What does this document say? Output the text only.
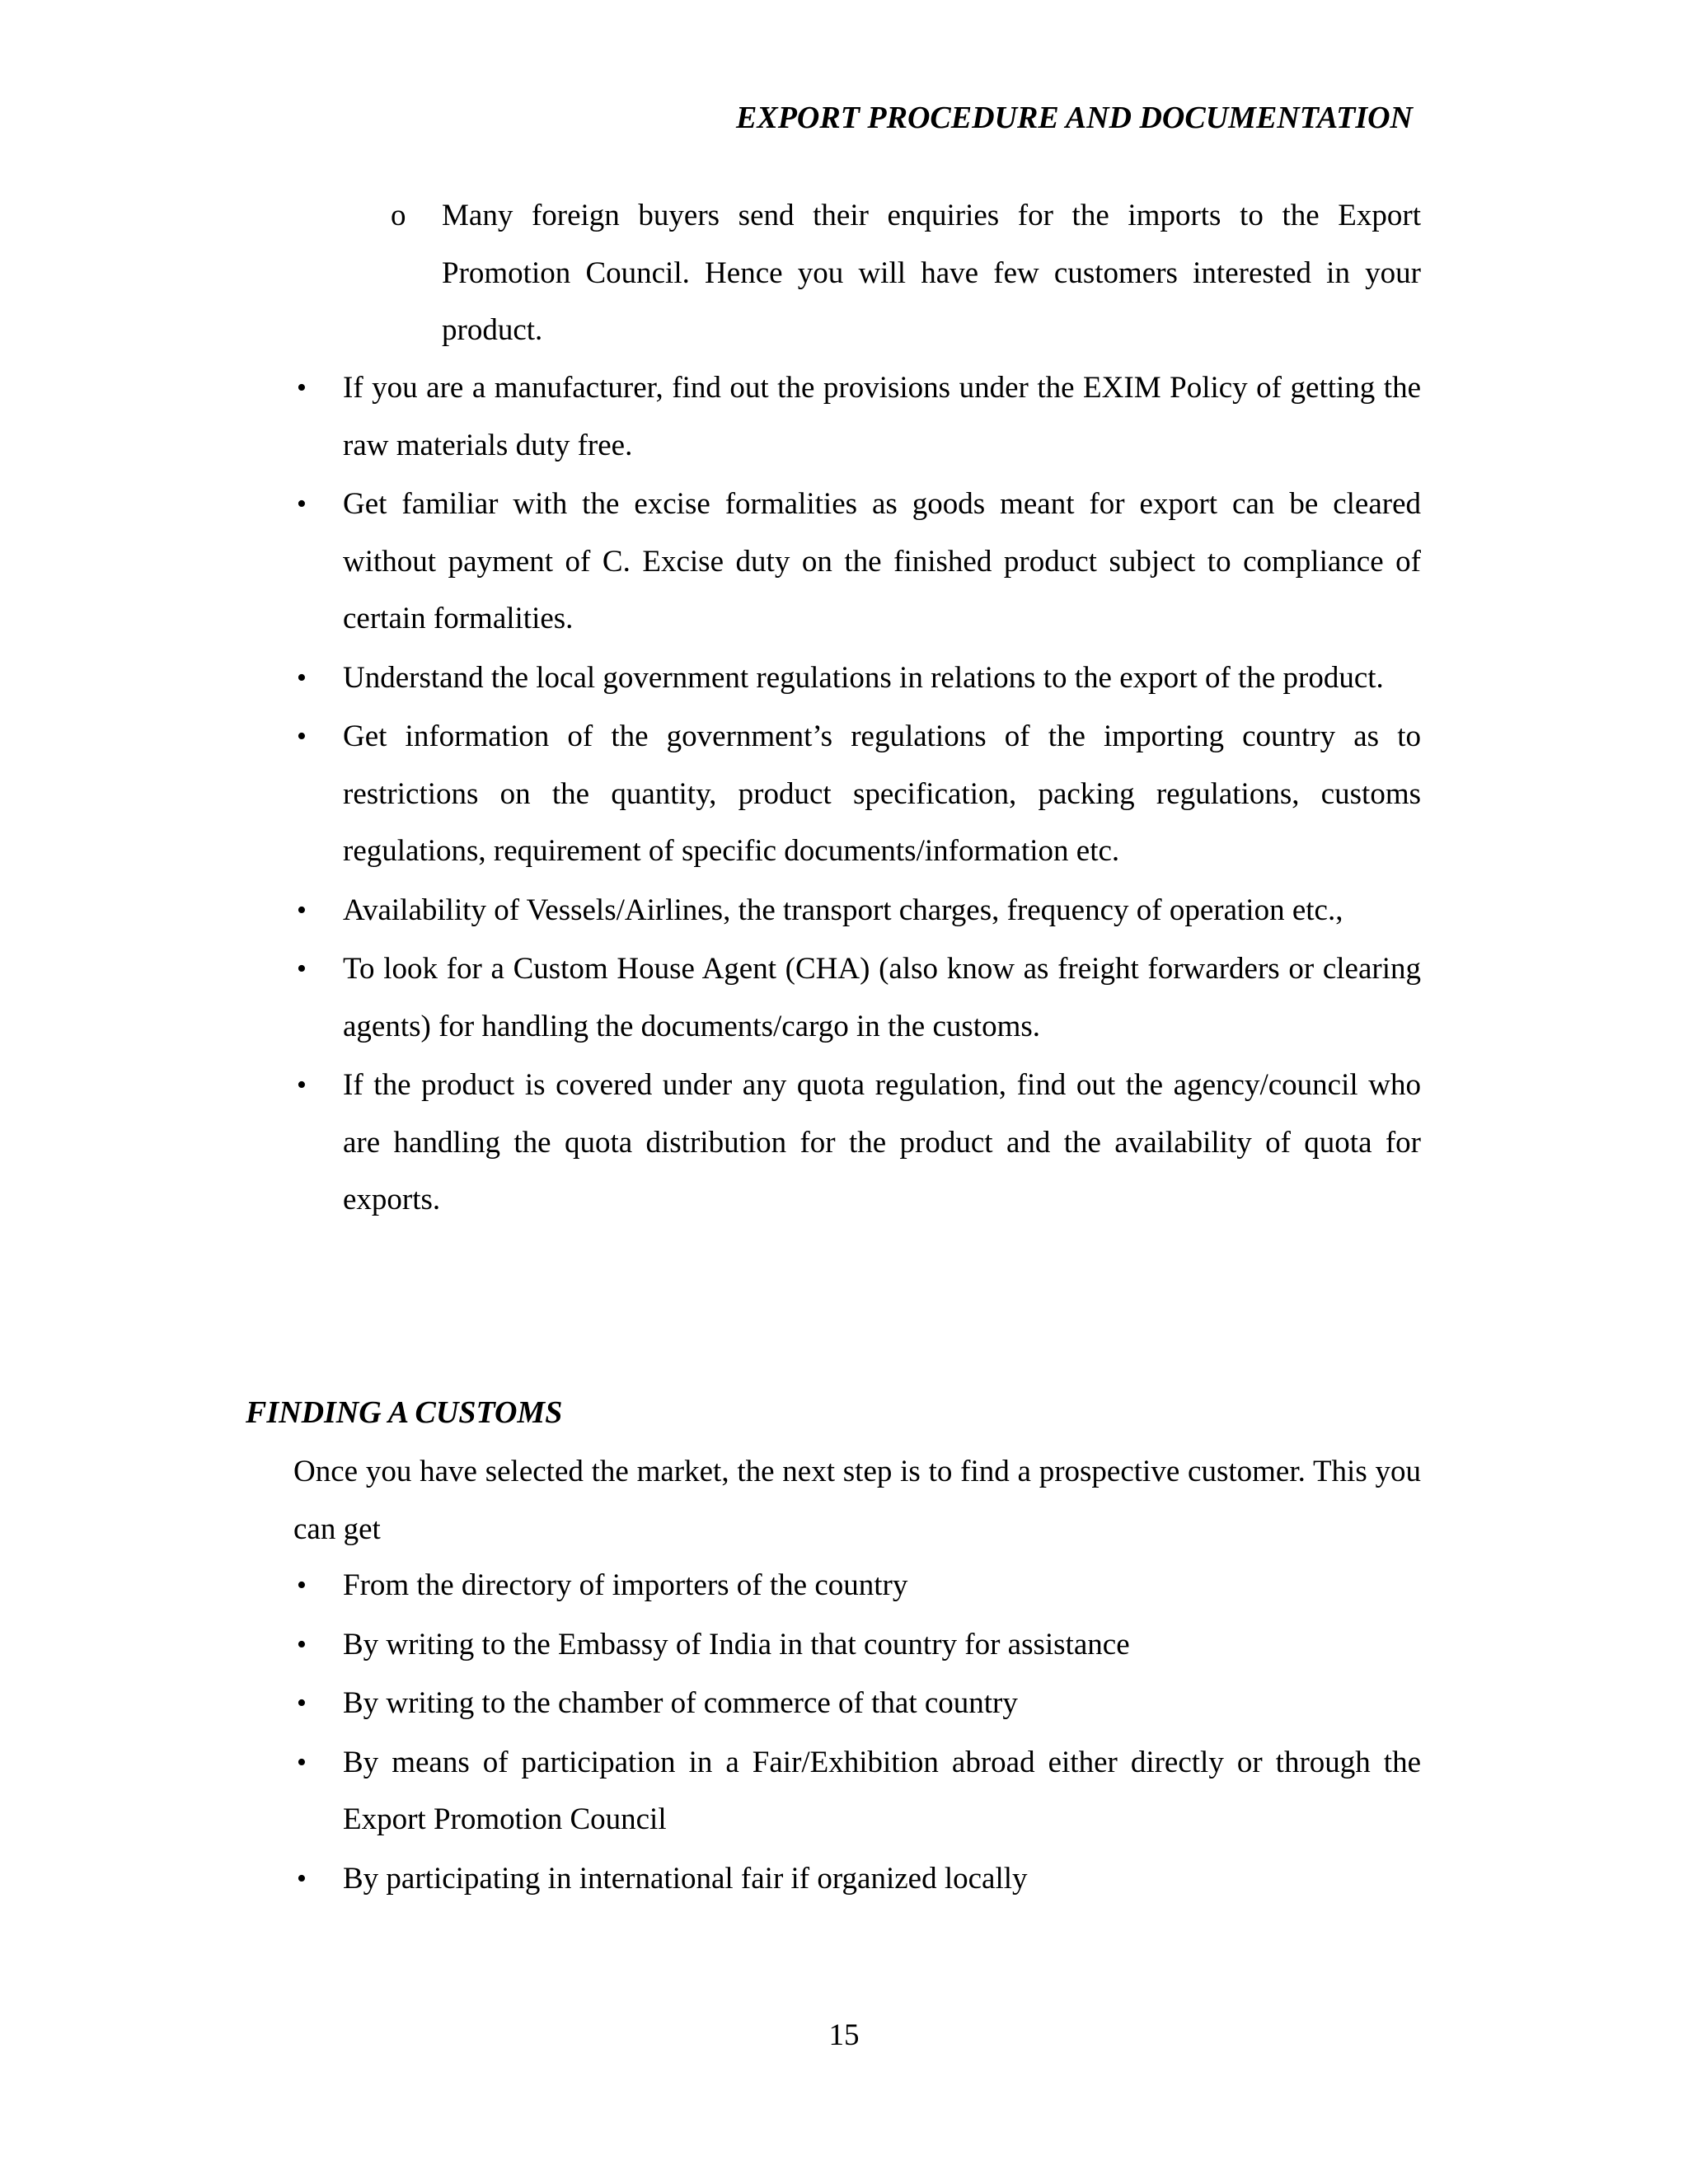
EXPORT PROCEDURE AND DOCUMENTATION
o	Many foreign buyers send their enquiries for the imports to the Export Promotion Council. Hence you will have few customers interested in your product.
•	If you are a manufacturer, find out the provisions under the EXIM Policy of getting the raw materials duty free.
•	Get familiar with the excise formalities as goods meant for export can be cleared without payment of C. Excise duty on the finished product subject to compliance of certain formalities.
•	Understand the local government regulations in relations to the export of the product.
•	Get information of the government’s regulations of the importing country as to restrictions on the quantity, product specification, packing regulations, customs regulations, requirement of specific documents/information etc.
•	Availability of Vessels/Airlines, the transport charges, frequency of operation etc.,
•	To look for a Custom House Agent (CHA) (also know as freight forwarders or clearing agents) for handling the documents/cargo in the customs.
•	If the product is covered under any quota regulation, find out the agency/council who are handling the quota distribution for the product and the availability of quota for exports.
FINDING A CUSTOMS
Once you have selected the market, the next step is to find a prospective customer. This you can get
•	From the directory of importers of the country
•	By writing to the Embassy of India in that country for assistance
•	By writing to the chamber of commerce of that country
•	By means of participation in a Fair/Exhibition abroad either directly or through the Export Promotion Council
•	By participating in international fair if organized locally
15
